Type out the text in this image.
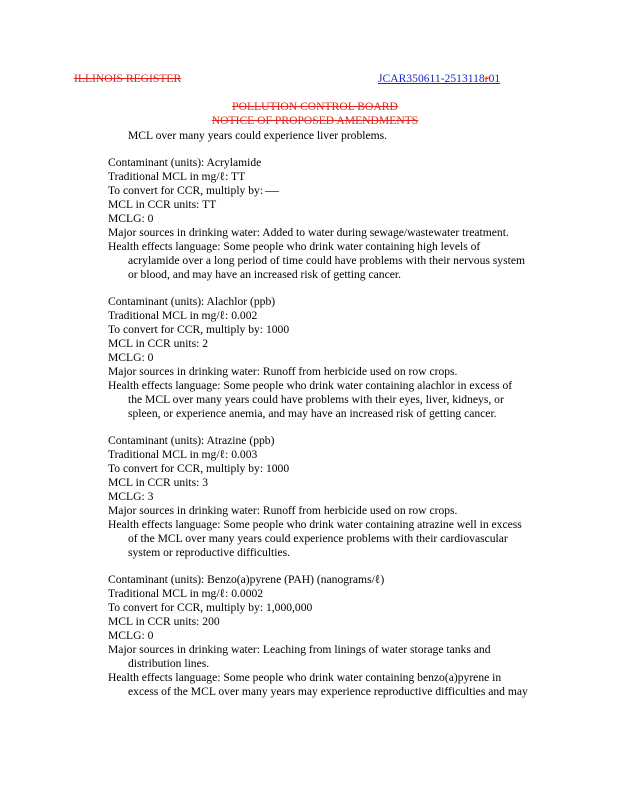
ILLINOIS REGISTER	JCAR350611-2513118r01
POLLUTION CONTROL BOARD
NOTICE OF PROPOSED AMENDMENTS
MCL over many years could experience liver problems.
Contaminant (units): Acrylamide
Traditional MCL in mg/ℓ: TT
To convert for CCR, multiply by:
MCL in CCR units: TT
MCLG: 0
Major sources in drinking water: Added to water during sewage/wastewater treatment.
Health effects language: Some people who drink water containing high levels of
acrylamide over a long period of time could have problems with their nervous system
or blood, and may have an increased risk of getting cancer.
Contaminant (units): Alachlor (ppb)
Traditional MCL in mg/ℓ: 0.002
To convert for CCR, multiply by: 1000
MCL in CCR units: 2
MCLG: 0
Major sources in drinking water: Runoff from herbicide used on row crops.
Health effects language: Some people who drink water containing alachlor in excess of
the MCL over many years could have problems with their eyes, liver, kidneys, or
spleen, or experience anemia, and may have an increased risk of getting cancer.
Contaminant (units): Atrazine (ppb)
Traditional MCL in mg/ℓ: 0.003
To convert for CCR, multiply by: 1000
MCL in CCR units: 3
MCLG: 3
Major sources in drinking water: Runoff from herbicide used on row crops.
Health effects language: Some people who drink water containing atrazine well in excess
of the MCL over many years could experience problems with their cardiovascular
system or reproductive difficulties.
Contaminant (units): Benzo(a)pyrene (PAH) (nanograms/ℓ)
Traditional MCL in mg/ℓ: 0.0002
To convert for CCR, multiply by: 1,000,000
MCL in CCR units: 200
MCLG: 0
Major sources in drinking water: Leaching from linings of water storage tanks and
distribution lines.
Health effects language: Some people who drink water containing benzo(a)pyrene in
excess of the MCL over many years may experience reproductive difficulties and may
